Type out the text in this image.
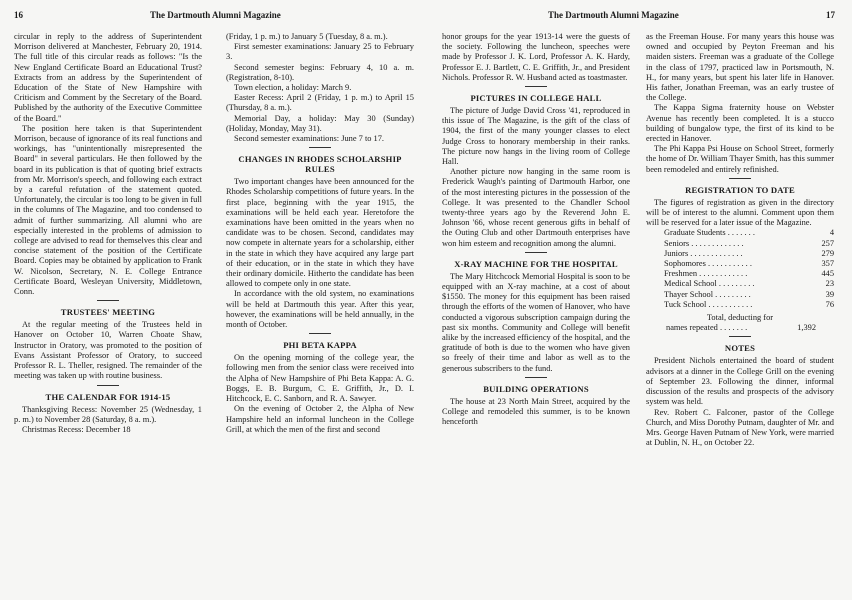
16	The Dartmouth Alumni Magazine

circular in reply to the address of Superintendent Morrison delivered at Manchester, February 20, 1914. The full title of this circular reads as follows: "Is the New England Certificate Board an Educational Trust? Extracts from an address by the Superintendent of Education of the State of New Hampshire with Criticism and Comment by the Secretary of the Board. Published by the authority of the Executive Committee of the Board."

The position here taken is that Superintendent Morrison, because of ignorance of its real functions and workings, has "unintentionally misrepresented the Board" in several particulars. He then followed by the board in its publication is that of quoting brief extracts from Mr. Morrison's speech, and following each extract by a careful refutation of the statement quoted. Unfortunately, the circular is too long to be given in full in the columns of The Magazine, and too condensed to admit of further summarizing. All alumni who are especially interested in the problems of admission to college are advised to read for themselves this clear and concise statement of the position of the Certificate Board. Copies may be obtained by application to Frank W. Nicolson, Secretary, N. E. College Entrance Certificate Board, Wesleyan University, Middletown, Conn.

TRUSTEES' MEETING

At the regular meeting of the Trustees held in Hanover on October 10, Warren Choate Shaw, Instructor in Oratory, was promoted to the position of Evans Assistant Professor of Oratory, to succeed Professor R. L. Theller, resigned. The remainder of the meeting was taken up with routine business.

THE CALENDAR FOR 1914-15

Thanksgiving Recess: November 25 (Wednesday, 1 p. m.) to November 28 (Saturday, 8 a. m.).

Christmas Recess: December 18

(Friday, 1 p. m.) to January 5 (Tuesday, 8 a. m.).

First semester examinations: January 25 to February 3.

Second semester begins: February 4, 10 a. m. (Registration, 8-10).

Town election, a holiday: March 9.

Easter Recess: April 2 (Friday, 1 p. m.) to April 15 (Thursday, 8 a. m.).

Memorial Day, a holiday: May 30 (Sunday) (Holiday, Monday, May 31).

Second semester examinations: June 7 to 17.

CHANGES IN RHODES SCHOLARSHIP RULES

Two important changes have been announced for the Rhodes Scholarship competitions of future years. In the first place, beginning with the year 1915, the examinations will be held each year. Heretofore the examinations have been omitted in the years when no candidate was to be chosen. Second, candidates may now compete in alternate years for a scholarship, either in the state in which they have acquired any large part of their education, or in the state in which they have their ordinary domicile. Hitherto the candidate has been allowed to compete only in one state.

In accordance with the old system, no examinations will be held at Dartmouth this year. After this year, however, the examinations will be held annually, in the month of October.

PHI BETA KAPPA

On the opening morning of the college year, the following men from the senior class were received into the Alpha of New Hampshire of Phi Beta Kappa: A. G. Boggs, E. B. Burgum, C. E. Griffith, Jr., D. I. Hitchcock, E. C. Sanborn, and R. A. Sawyer.

On the evening of October 2, the Alpha of New Hampshire held an informal luncheon in the College Grill, at which the men of the first and second

The Dartmouth Alumni Magazine	17

honor groups for the year 1913-14 were the guests of the society. Following the luncheon, speeches were made by Professor J. K. Lord, Professor A. K. Hardy, Professor E. J. Bartlett, C. E. Griffith, Jr., and President Nichols. Professor R. W. Husband acted as toastmaster.

PICTURES IN COLLEGE HALL

The picture of Judge David Cross '41, reproduced in this issue of The Magazine, is the gift of the class of 1904, the first of the many younger classes to elect Judge Cross to honorary membership in their ranks. The picture now hangs in the living room of College Hall.

Another picture now hanging in the same room is Frederick Waugh's painting of Dartmouth Harbor, one of the most interesting pictures in the possession of the College. It was presented to the Chandler School twenty-three years ago by the Reverend John E. Johnson '66, whose recent generous gifts in behalf of the Outing Club and other Dartmouth enterprises have won him esteem and recognition among the alumni.

X-RAY MACHINE FOR THE HOSPITAL

The Mary Hitchcock Memorial Hospital is soon to be equipped with an X-ray machine, at a cost of about $1550. The money for this equipment has been raised through the efforts of the women of Hanover, who have conducted a vigorous subscription campaign during the past six months. Community and College will benefit alike by the increased efficiency of the hospital, and the gratitude of both is due to the women who have given so freely of their time and labor as well as to the generous subscribers to the fund.

BUILDING OPERATIONS

The house at 23 North Main Street, acquired by the College and remodeled this summer, is to be known henceforth

as the Freeman House. For many years this house was owned and occupied by Peyton Freeman and his maiden sisters. Freeman was a graduate of the College in the class of 1797, practiced law in Portsmouth, N. H., for many years, but spent his later life in Hanover. His father, Jonathan Freeman, was an early trustee of the College.

The Kappa Sigma fraternity house on Webster Avenue has recently been completed. It is a stucco building of bungalow type, the first of its kind to be erected in Hanover.

The Phi Kappa Psi House on School Street, formerly the home of Dr. William Thayer Smith, has this summer been remodeled and entirely refinished.

REGISTRATION TO DATE

The figures of registration as given in the directory will be of interest to the alumni. Comment upon them will be reserved for a later issue of the Magazine.

Graduate Students . . . . . . .	4
Seniors . . . . . . . . . . . . .	257
Juniors . . . . . . . . . . . . .	279
Sophomores . . . . . . . . . . .	357
Freshmen . . . . . . . . . . . .	445
Medical School . . . . . . . . .	23
Thayer School . . . . . . . . .	39
Tuck School . . . . . . . . . . .	76
Total, deducting for
names repeated . . . . . . .	1,392
NOTES

President Nichols entertained the board of student advisors at a dinner in the College Grill on the evening of September 23. Following the dinner, informal discussion of the results and prospects of the advisory system was held.

Rev. Robert C. Falconer, pastor of the College Church, and Miss Dorothy Putnam, daughter of Mr. and Mrs. George Haven Putnam of New York, were married at Dublin, N. H., on October 22.
